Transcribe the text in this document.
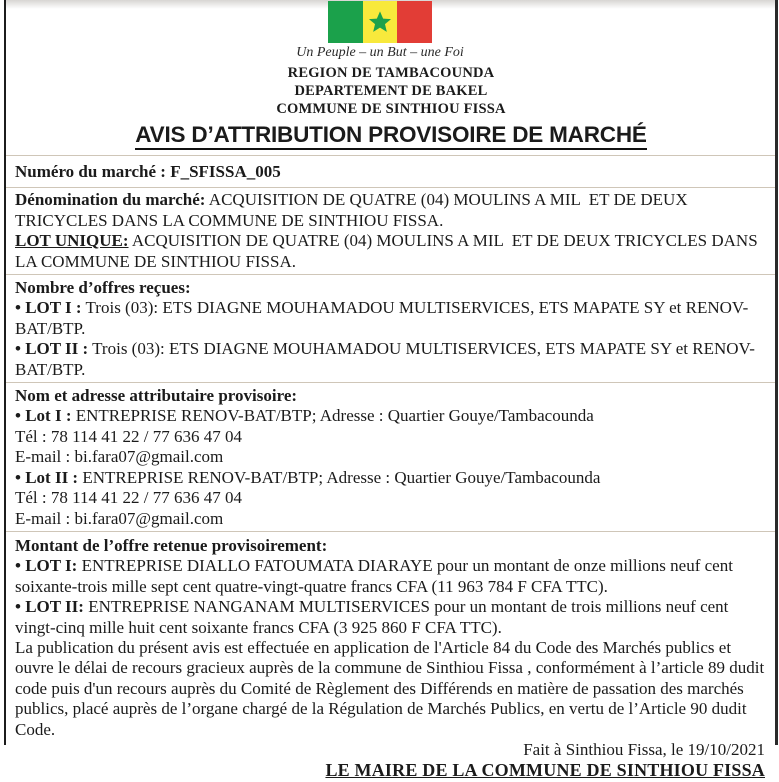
Un Peuple – un But – une Foi
REGION DE TAMBACOUNDA
DEPARTEMENT DE BAKEL
COMMUNE DE SINTHIOU FISSA
AVIS D’ATTRIBUTION PROVISOIRE DE MARCHÉ

Numéro du marché : F_SFISSA_005

Dénomination du marché: ACQUISITION DE QUATRE (04) MOULINS A MIL  ET DE DEUX TRICYCLES DANS LA COMMUNE DE SINTHIOU FISSA.

LOT UNIQUE: ACQUISITION DE QUATRE (04) MOULINS A MIL  ET DE DEUX TRICYCLES DANS LA COMMUNE DE SINTHIOU FISSA.

Nombre d’offres reçues:

• LOT I : Trois (03): ETS DIAGNE MOUHAMADOU MULTISERVICES, ETS MAPATE SY et RENOV-BAT/BTP.

• LOT II : Trois (03): ETS DIAGNE MOUHAMADOU MULTISERVICES, ETS MAPATE SY et RENOV-BAT/BTP.

Nom et adresse attributaire provisoire:

• Lot I : ENTREPRISE RENOV-BAT/BTP; Adresse : Quartier Gouye/Tambacounda

Tél : 78 114 41 22 / 77 636 47 04

E-mail : bi.fara07@gmail.com

• Lot II : ENTREPRISE RENOV-BAT/BTP; Adresse : Quartier Gouye/Tambacounda

Tél : 78 114 41 22 / 77 636 47 04

E-mail : bi.fara07@gmail.com

Montant de l’offre retenue provisoirement:

• LOT I: ENTREPRISE DIALLO FATOUMATA DIARAYE pour un montant de onze millions neuf cent soixante-trois mille sept cent quatre-vingt-quatre francs CFA (11 963 784 F CFA TTC).

• LOT II: ENTREPRISE NANGANAM MULTISERVICES pour un montant de trois millions neuf cent vingt-cinq mille huit cent soixante francs CFA (3 925 860 F CFA TTC).

La publication du présent avis est effectuée en application de l'Article 84 du Code des Marchés publics et ouvre le délai de recours gracieux auprès de la commune de Sinthiou Fissa , conformément à l’article 89 dudit code puis d'un recours auprès du Comité de Règlement des Différends en matière de passation des marchés publics, placé auprès de l’organe chargé de la Régulation de Marchés Publics, en vertu de l’Article 90 dudit Code.

Fait à Sinthiou Fissa, le 19/10/2021

LE MAIRE DE LA COMMUNE DE SINTHIOU FISSA
